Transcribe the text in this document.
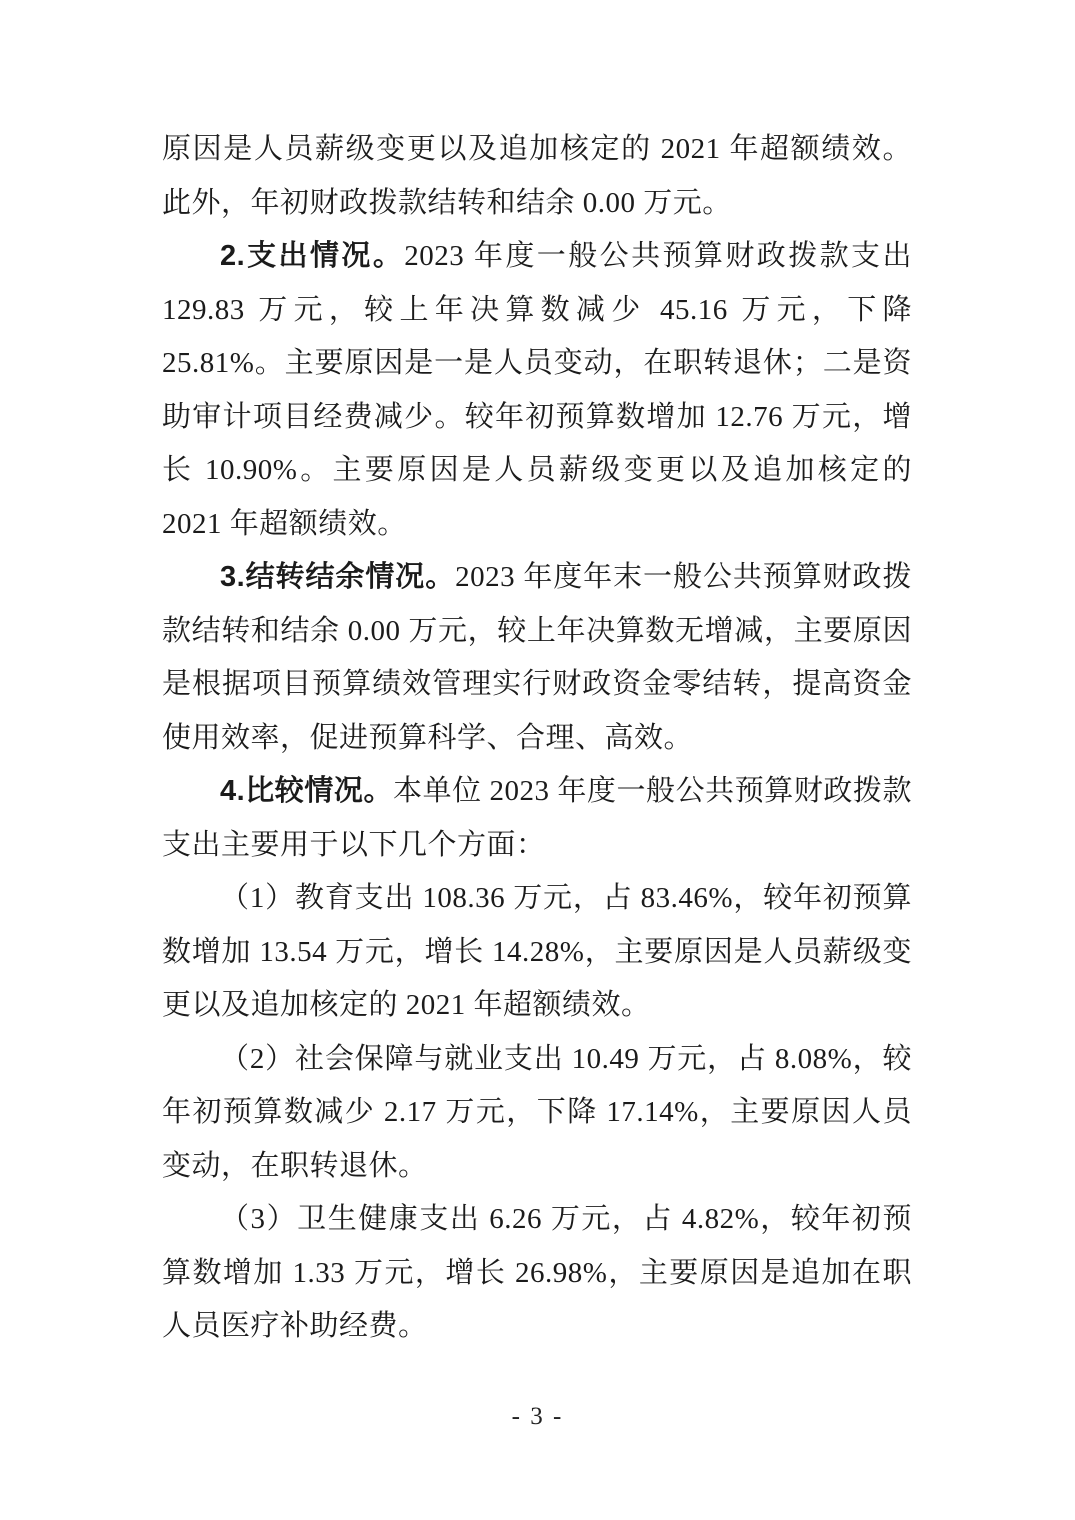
原因是人员薪级变更以及追加核定的 2021 年超额绩效。此外，年初财政拨款结转和结余 0.00 万元。

2.支出情况。2023 年度一般公共预算财政拨款支出 129.83 万元，较上年决算数减少 45.16 万元，下降 25.81%。主要原因是一是人员变动，在职转退休；二是资助审计项目经费减少。较年初预算数增加 12.76 万元，增长 10.90%。主要原因是人员薪级变更以及追加核定的 2021 年超额绩效。

3.结转结余情况。2023 年度年末一般公共预算财政拨款结转和结余 0.00 万元，较上年决算数无增减，主要原因是根据项目预算绩效管理实行财政资金零结转，提高资金使用效率，促进预算科学、合理、高效。

4.比较情况。本单位 2023 年度一般公共预算财政拨款支出主要用于以下几个方面：

（1）教育支出 108.36 万元，占 83.46%，较年初预算数增加 13.54 万元，增长 14.28%，主要原因是人员薪级变更以及追加核定的 2021 年超额绩效。

（2）社会保障与就业支出 10.49 万元，占 8.08%，较年初预算数减少 2.17 万元，下降 17.14%，主要原因人员变动，在职转退休。

（3）卫生健康支出 6.26 万元，占 4.82%，较年初预算数增加 1.33 万元，增长 26.98%，主要原因是追加在职人员医疗补助经费。

- 3 -
